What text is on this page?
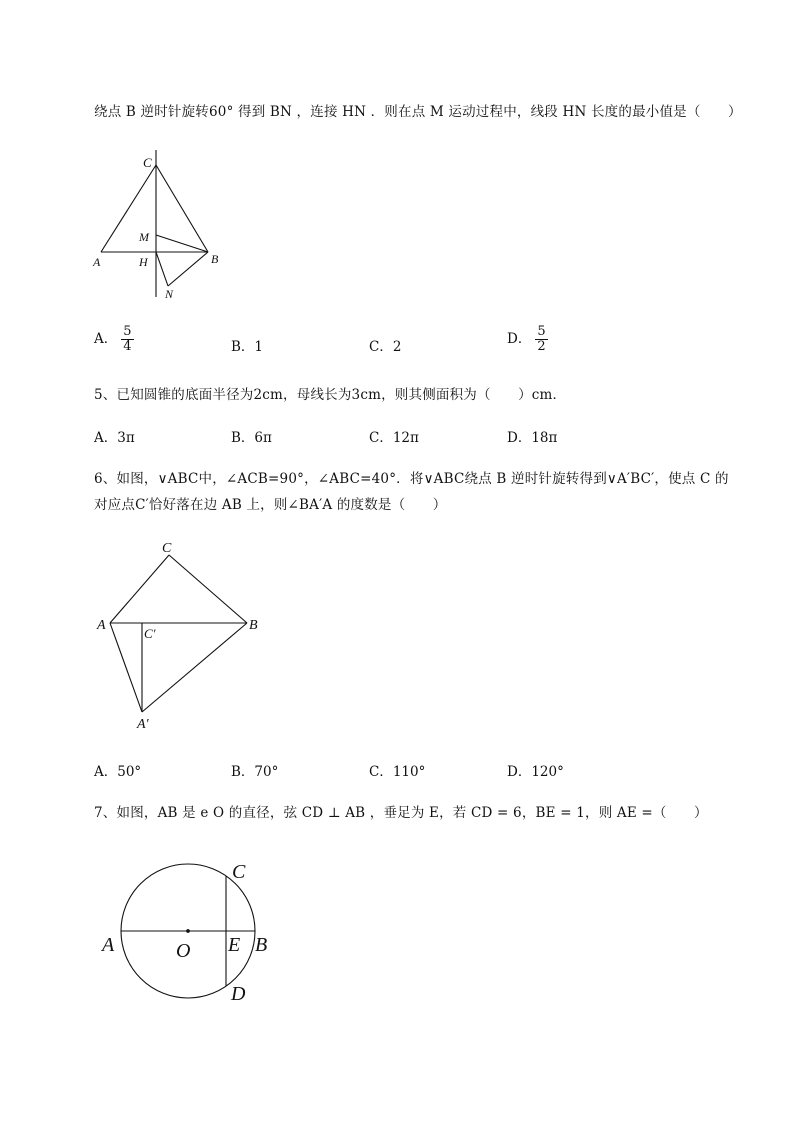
绕点 B 逆时针旋转60° 得到 BN ，连接 HN ．则在点 M 运动过程中，线段 HN 长度的最小值是（　　）
C
M
A	H	B
N
A． $\frac{5}{4}$	B．1	C．2	D． $\frac{5}{2}$
5、已知圆锥的底面半径为2cm，母线长为3cm，则其侧面积为（　　）cm．
A．3π	B．6π	C．12π	D．18π
6、如图，∨ABC中，∠ACB=90°，∠ABC=40°．将∨ABC绕点 B 逆时针旋转得到∨A′BC′，使点 C 的
对应点C′恰好落在边 AB 上，则∠BA′A 的度数是（　　）
C
A
C′
B
A′
A．50°	B．70°	C．110°	D．120°
7、如图，AB 是 e O 的直径，弦 CD ⊥ AB ，垂足为 E，若 CD = 6，BE = 1，则 AE =（　　）
C
A	O E B
D
